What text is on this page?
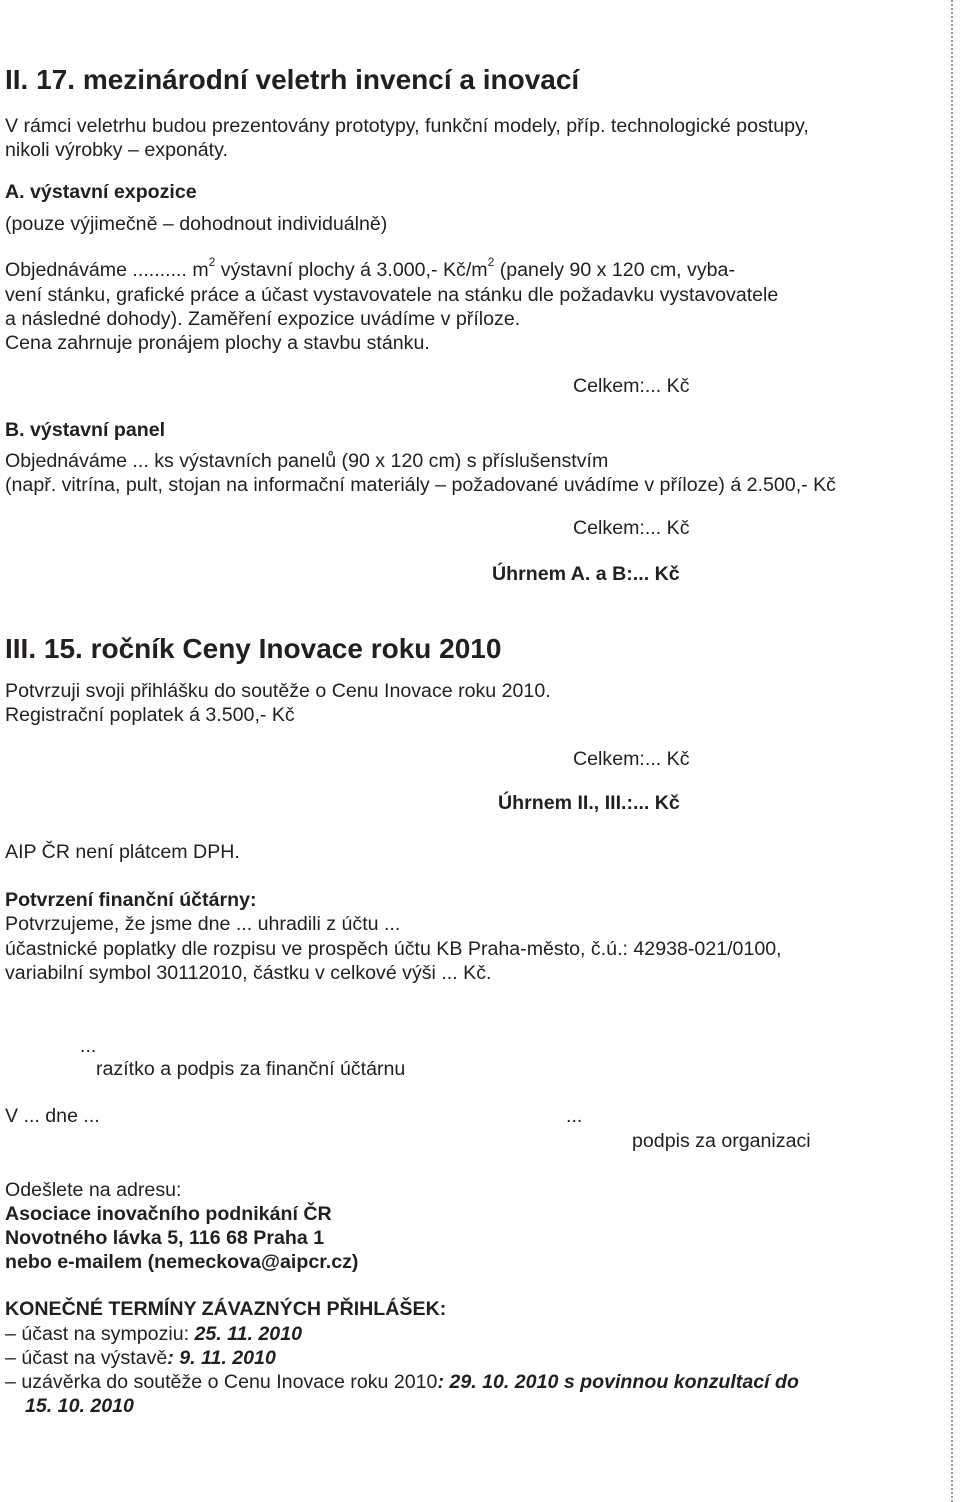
II. 17. mezinárodní veletrh invencí a inovací
V rámci veletrhu budou prezentovány prototypy, funkční modely, příp. technologické postupy,
nikoli výrobky – exponáty.
A. výstavní expozice
(pouze výjimečně – dohodnout individuálně)
Objednáváme .......... $m^2$ výstavní plochy á 3.000,- $Kč/m^2$ (panely 90 x 120 cm, vyba-
vení stánku, grafické práce a účast vystavovatele na stánku dle požadavku vystavovatele
a následné dohody). Zaměření expozice uvádíme v příloze.
Cena zahrnuje pronájem plochy a stavbu stánku.
Celkem:... Kč
B. výstavní panel
Objednáváme ... ks výstavních panelů (90 x 120 cm) s příslušenstvím
(např. vitrína, pult, stojan na informační materiály – požadované uvádíme v příloze) á 2.500,- Kč
Celkem:... Kč
Úhrnem A. a B:... Kč
III. 15. ročník Ceny Inovace roku 2010
Potvrzuji svoji přihlášku do soutěže o Cenu Inovace roku 2010.
Registrační poplatek á 3.500,- Kč
Celkem:... Kč
Úhrnem II., III.:... Kč
AIP ČR není plátcem DPH.
Potvrzení finanční účtárny:
Potvrzujeme, že jsme dne ... uhradili z účtu ...
účastnické poplatky dle rozpisu ve prospěch účtu KB Praha-město, č.ú.: 42938-021/0100,
variabilní symbol 30112010, částku v celkové výši ... Kč.
...
razítko a podpis za finanční účtárnu
V ... dne ...	...
podpis za organizaci
Odešlete na adresu:
Asociace inovačního podnikání ČR
Novotného lávka 5, 116 68 Praha 1
nebo e-mailem (nemeckova@aipcr.cz)
KONEČNÉ TERMÍNY ZÁVAZNÝCH PŘIHLÁŠEK:
– účast na sympoziu: 25. 11. 2010
– účast na výstavě: 9. 11. 2010
– uzávěrka do soutěže o Cenu Inovace roku 2010: 29. 10. 2010 s povinnou konzultací do
15. 10. 2010
